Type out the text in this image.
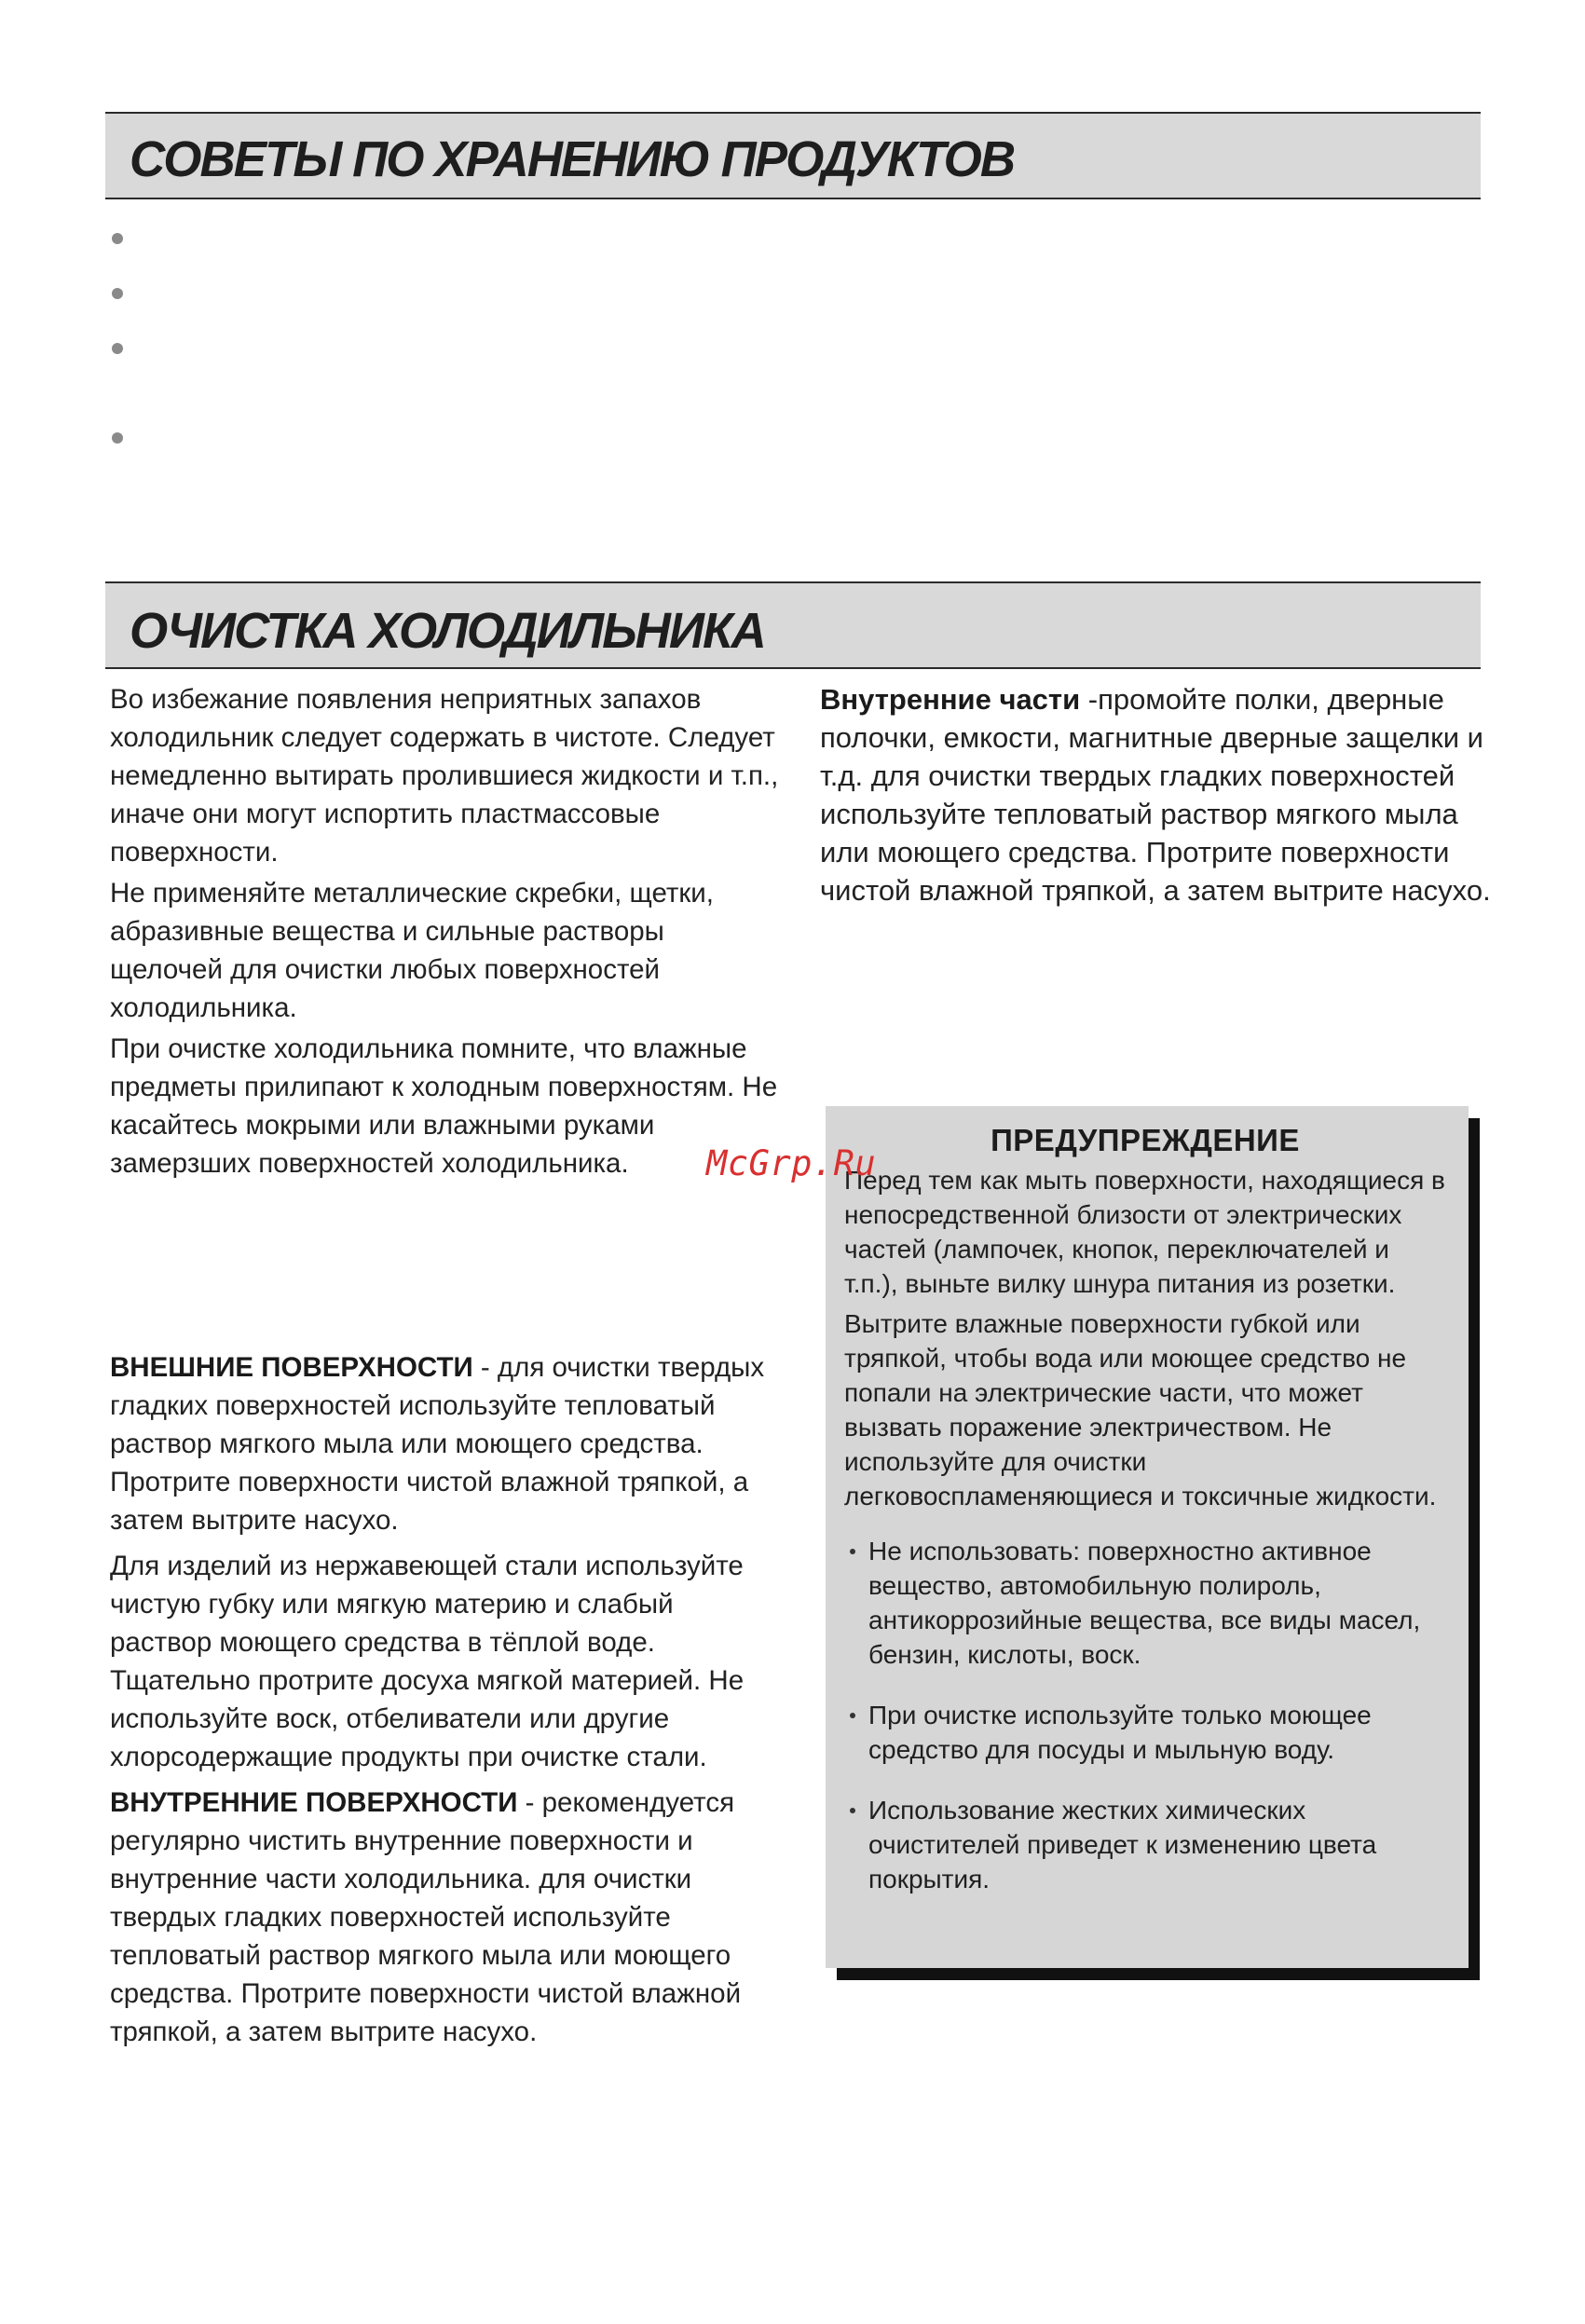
СОВЕТЫ ПО ХРАНЕНИЮ ПРОДУКТОВ
ОЧИСТКА ХОЛОДИЛЬНИКА

Во избежание появления неприятных запахов холодильник следует содержать в чистоте. Следует немедленно вытирать пролившиеся жидкости и т.п., иначе они могут испортить пластмассовые поверхности.

Не применяйте металлические скребки, щетки, абразивные вещества и сильные растворы щелочей для очистки любых поверхностей холодильника.

При очистке холодильника помните, что влажные предметы прилипают к холодным поверхностям. Не касайтесь мокрыми или влажными руками замерзших поверхностей холодильника.

ВНЕШНИЕ ПОВЕРХНОСТИ - для очистки твердых гладких поверхностей используйте тепловатый раствор мягкого мыла или моющего средства. Протрите поверхности чистой влажной тряпкой, а затем вытрите насухо.

Для изделий из нержавеющей стали используйте чистую губку или мягкую материю и слабый раствор моющего средства в тёплой воде. Тщательно протрите досуха мягкой материей. Не используйте воск, отбеливатели или другие хлорсодержащие продукты при очистке стали.

ВНУТРЕННИЕ ПОВЕРХНОСТИ - рекомендуется регулярно чистить внутренние поверхности и внутренние части холодильника. для очистки твердых гладких поверхностей используйте тепловатый раствор мягкого мыла или моющего средства. Протрите поверхности чистой влажной тряпкой, а затем вытрите насухо.

Внутренние части -промойте полки, дверные полочки, емкости, магнитные дверные защелки и т.д. для очистки твердых гладких поверхностей используйте тепловатый раствор мягкого мыла или моющего средства. Протрите поверхности чистой влажной тряпкой, а затем вытрите насухо.

ПРЕДУПРЕЖДЕНИЕ

Перед тем как мыть поверхности, находящиеся в непосредственной близости от электрических частей (лампочек, кнопок, переключателей и т.п.), выньте вилку шнура питания из розетки.

Вытрите влажные поверхности губкой или тряпкой, чтобы вода или моющее средство не попали на электрические части, что может вызвать поражение электричеством. Не используйте для очистки легковоспламеняющиеся и токсичные жидкости.

Не использовать: поверхностно активное вещество, автомобильную полироль, антикоррозийные вещества, все виды масел, бензин, кислоты, воск.
При очистке используйте только моющее средство для посуды и мыльную воду.
Использование жестких химических очистителей приведет к изменению цвета покрытия.
McGrp.Ru
